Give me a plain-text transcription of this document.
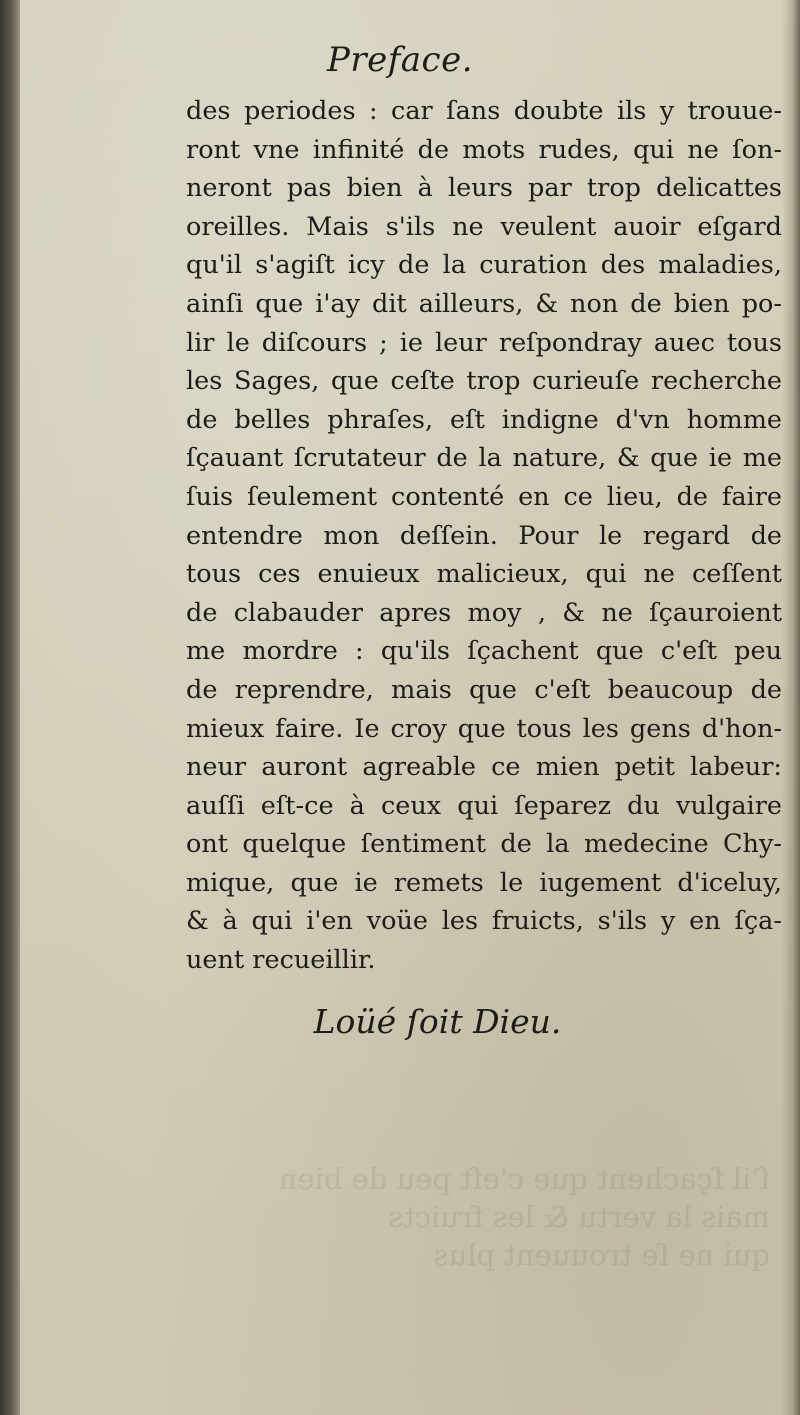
ſ'il ſçachent que c'eſt peu de bien
mais la vertu & les fruicts
qui ne ſe trouuent plus
Preface.
des periodes : car ſans doubte ils y trouue-
ront vne infinité de mots rudes, qui ne ſon-
neront pas bien à leurs par trop delicattes
oreilles. Mais s'ils ne veulent auoir eſgard
qu'il s'agiſt icy de la curation des maladies,
ainſi que i'ay dit ailleurs, & non de bien po-
lir le diſcours ; ie leur reſpondray auec tous
les Sages, que ceſte trop curieuſe recherche
de belles phraſes, eſt indigne d'vn homme
ſçauant ſcrutateur de la nature, & que ie me
ſuis ſeulement contenté en ce lieu, de faire
entendre mon deſſein. Pour le regard de
tous ces enuieux malicieux, qui ne ceſſent
de clabauder apres moy , & ne ſçauroient
me mordre : qu'ils ſçachent que c'eſt peu
de reprendre, mais que c'eſt beaucoup de
mieux faire. Ie croy que tous les gens d'hon-
neur auront agreable ce mien petit labeur:
auſſi eſt-ce à ceux qui ſeparez du vulgaire
ont quelque ſentiment de la medecine Chy-
mique, que ie remets le iugement d'iceluy,
& à qui i'en voüe les fruicts, s'ils y en ſça-
uent recueillir.
Loüé ſoit Dieu.
